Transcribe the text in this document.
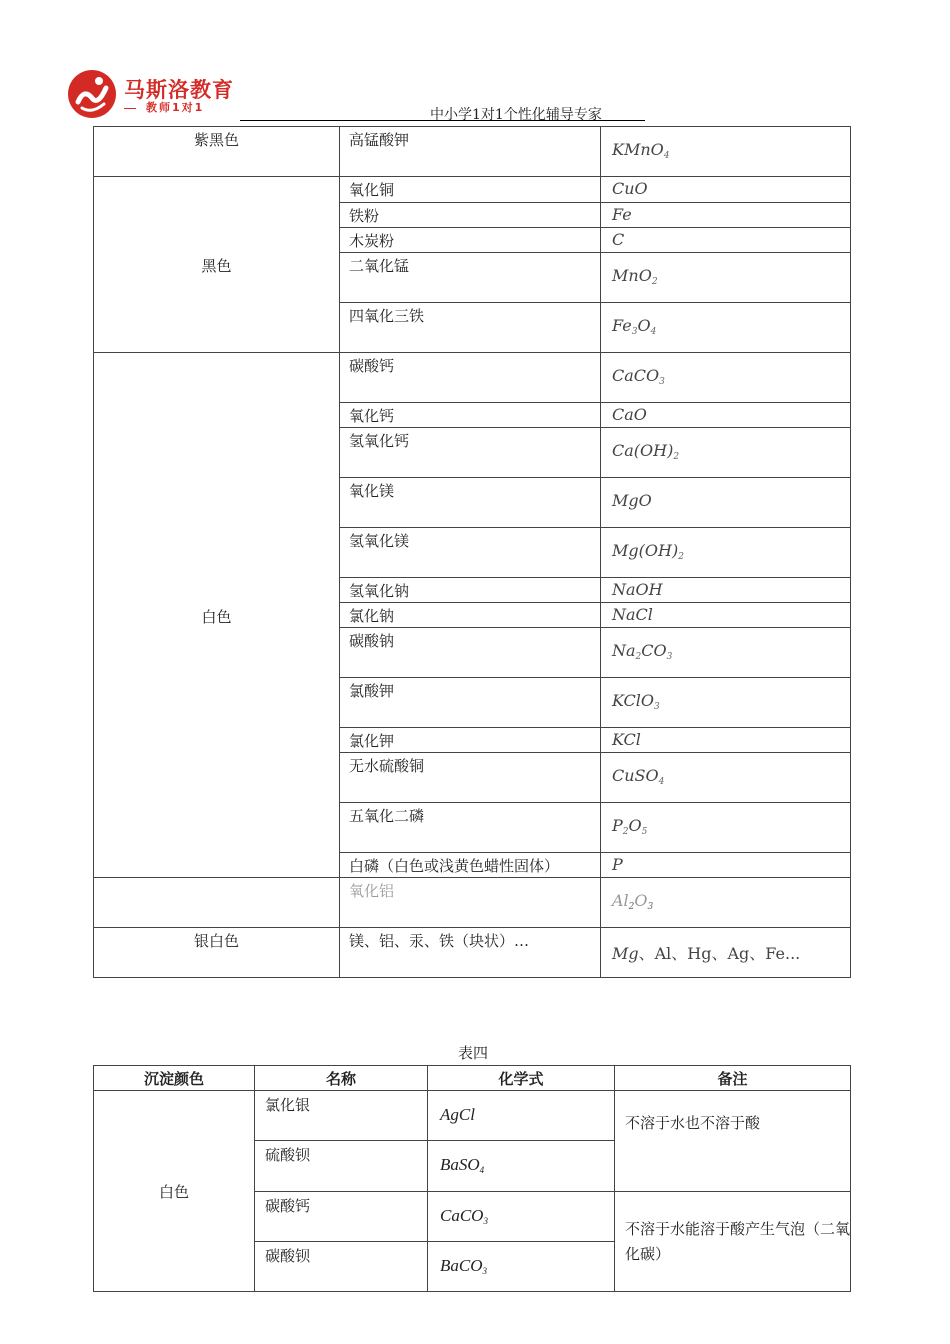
马斯洛教育
教师1对1	中小学1对1个性化辅导专家
紫黑色	高锰酸钾	KMnO$_4$

黑色	氧化铜	CuO

	铁粉	Fe

	木炭粉	C

	二氧化锰	MnO$_2$

	四氧化三铁	$Fe_3O_4$

白色	碳酸钙	CaCO$_3$

	氧化钙	CaO

	氢氧化钙	$Ca(OH)_2$

	氧化镁	MgO

	氢氧化镁	$Mg(OH)_2$

	氢氧化钠	NaOH

	氯化钠	NaCl

	碳酸钠	$Na_2CO_3$

	氯酸钾	KClO$_3$

	氯化钾	KCl

	无水硫酸铜	CuSO$_4$

	五氧化二磷	$P_2O_5$

	白磷（白色或浅黄色蜡性固体）	P

	氧化铝	$Al_2O_3$

银白色	镁、铝、汞、铁（块状）…	Mg、Al、Hg、Ag、Fe...
表四
沉淀颜色	名称	化学式	备注
白色	氯化银	AgCl	不溶于水也不溶于酸
	硫酸钡	BaSO$_4$

	碳酸钙	CaCO$_3$	不溶于水能溶于酸产生气泡（二氧化碳）
	碳酸钡	BaCO$_3$
